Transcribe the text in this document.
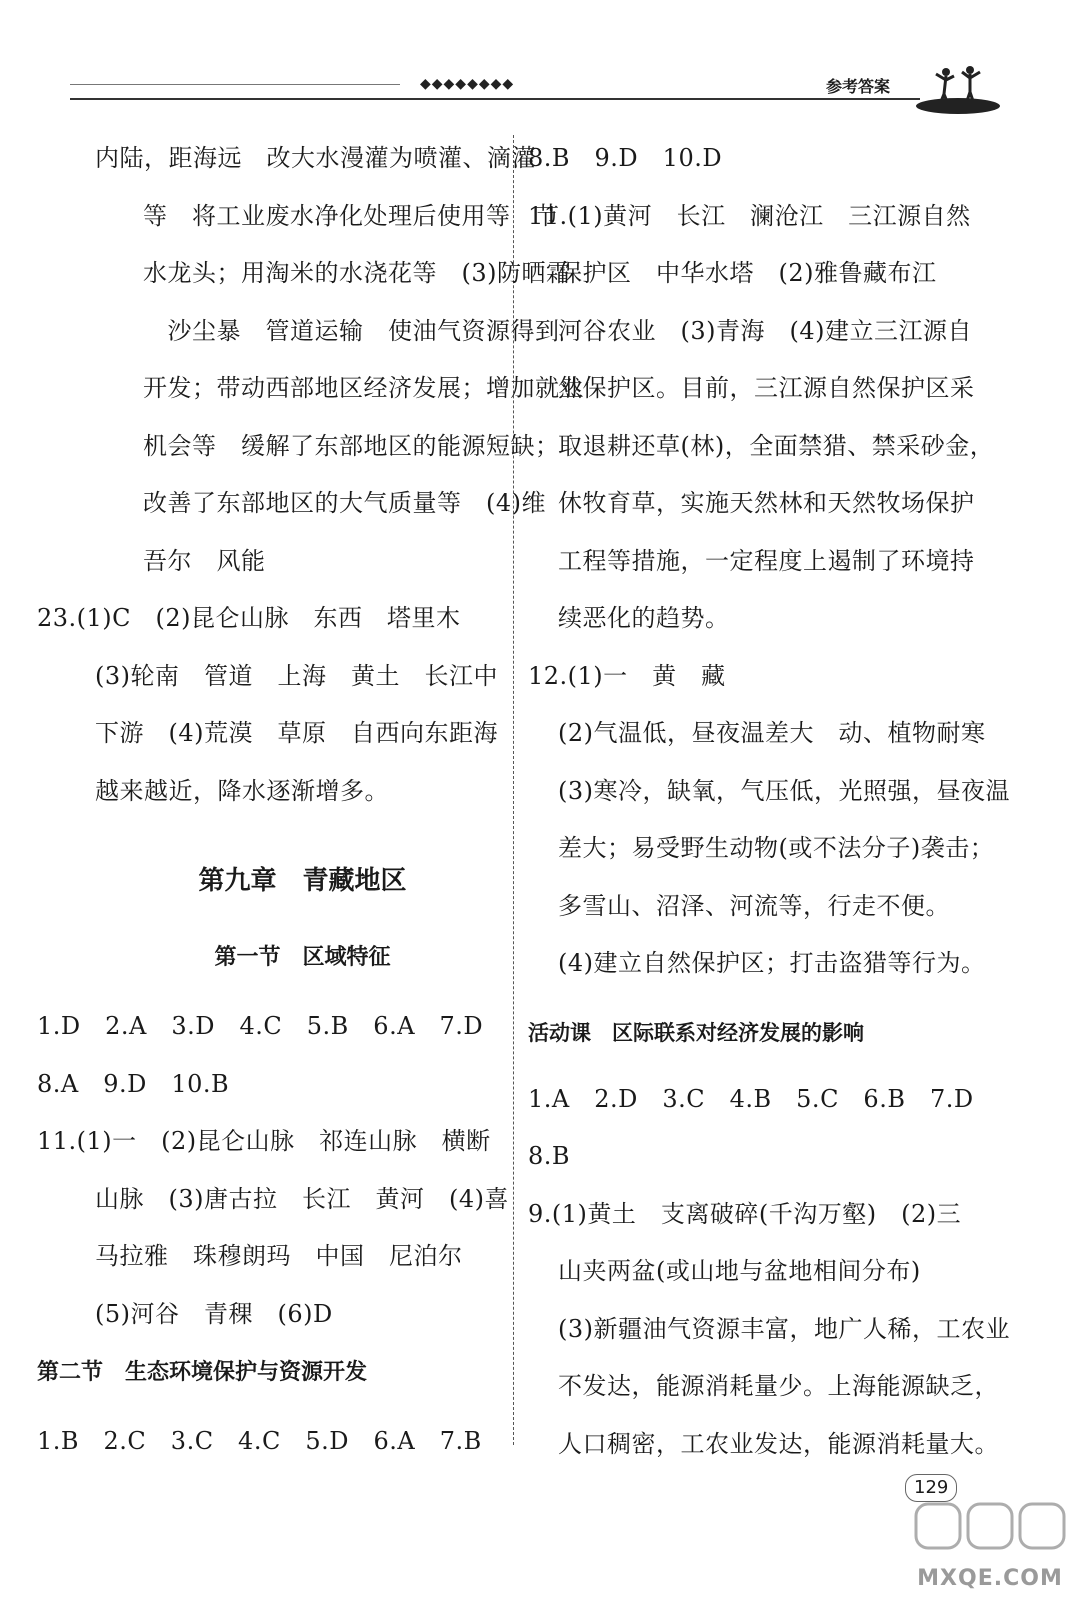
◆◆◆◆◆◆◆◆	参考答案
内陆，距海远　改大水漫灌为喷灌、滴灌
等　将工业废水净化处理后使用等　节
水龙头；用淘米的水浇花等　(3)防晒霜
　沙尘暴　管道运输　使油气资源得到
开发；带动西部地区经济发展；增加就业
机会等　缓解了东部地区的能源短缺；
改善了东部地区的大气质量等　(4)维
吾尔　风能
23.(1)C　(2)昆仑山脉　东西　塔里木
(3)轮南　管道　上海　黄土　长江中
下游　(4)荒漠　草原　自西向东距海
越来越近，降水逐渐增多。
第九章　青藏地区
第一节　区域特征
1.D　2.A　3.D　4.C　5.B　6.A　7.D
8.A　9.D　10.B
11.(1)一　(2)昆仑山脉　祁连山脉　横断
山脉　(3)唐古拉　长江　黄河　(4)喜
马拉雅　珠穆朗玛　中国　尼泊尔
(5)河谷　青稞　(6)D
第二节　生态环境保护与资源开发
1.B　2.C　3.C　4.C　5.D　6.A　7.B
8.B　9.D　10.D
11.(1)黄河　长江　澜沧江　三江源自然
保护区　中华水塔　(2)雅鲁藏布江
河谷农业　(3)青海　(4)建立三江源自
然保护区。目前，三江源自然保护区采
取退耕还草(林)，全面禁猎、禁采砂金，
休牧育草，实施天然林和天然牧场保护
工程等措施，一定程度上遏制了环境持
续恶化的趋势。
12.(1)一　黄　藏
(2)气温低，昼夜温差大　动、植物耐寒
(3)寒冷，缺氧，气压低，光照强，昼夜温
差大；易受野生动物(或不法分子)袭击；
多雪山、沼泽、河流等，行走不便。
(4)建立自然保护区；打击盗猎等行为。
活动课　区际联系对经济发展的影响
1.A　2.D　3.C　4.B　5.C　6.B　7.D
8.B
9.(1)黄土　支离破碎(千沟万壑)　(2)三
山夹两盆(或山地与盆地相间分布)
(3)新疆油气资源丰富，地广人稀，工农业
不发达，能源消耗量少。上海能源缺乏，
人口稠密，工农业发达，能源消耗量大。
129
MXQE.COM
